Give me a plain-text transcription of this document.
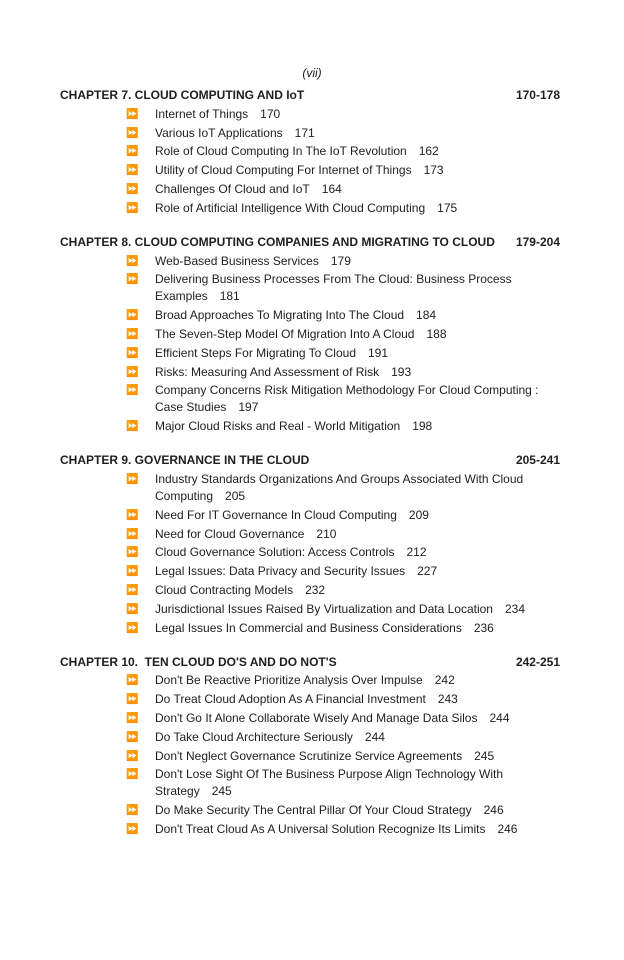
(vii)
CHAPTER 7. CLOUD COMPUTING AND IoT	170-178
⏩ Internet of Things 170
⏩ Various IoT Applications 171
⏩ Role of Cloud Computing In The IoT Revolution 162
⏩ Utility of Cloud Computing For Internet of Things 173
⏩ Challenges Of Cloud and IoT 164
⏩ Role of Artificial Intelligence With Cloud Computing 175
CHAPTER 8. CLOUD COMPUTING COMPANIES AND MIGRATING TO CLOUD 179-204
⏩ Web-Based Business Services 179
⏩ Delivering Business Processes From The Cloud: Business Process Examples 181
⏩ Broad Approaches To Migrating Into The Cloud 184
⏩ The Seven-Step Model Of Migration Into A Cloud 188
⏩ Efficient Steps For Migrating To Cloud 191
⏩ Risks: Measuring And Assessment of Risk 193
⏩ Company Concerns Risk Mitigation Methodology For Cloud Computing : Case Studies 197
⏩ Major Cloud Risks and Real - World Mitigation 198
CHAPTER 9. GOVERNANCE IN THE CLOUD	205-241
⏩ Industry Standards Organizations And Groups Associated With Cloud Computing 205
⏩ Need For IT Governance In Cloud Computing 209
⏩ Need for Cloud Governance 210
⏩ Cloud Governance Solution: Access Controls 212
⏩ Legal Issues: Data Privacy and Security Issues 227
⏩ Cloud Contracting Models 232
⏩ Jurisdictional Issues Raised By Virtualization and Data Location 234
⏩ Legal Issues In Commercial and Business Considerations 236
CHAPTER 10.  TEN CLOUD DO'S AND DO NOT'S	242-251
⏩ Don't Be Reactive Prioritize Analysis Over Impulse 242
⏩ Do Treat Cloud Adoption As A Financial Investment 243
⏩ Don't Go It Alone Collaborate Wisely And Manage Data Silos 244
⏩ Do Take Cloud Architecture Seriously 244
⏩ Don't Neglect Governance Scrutinize Service Agreements 245
⏩ Don't Lose Sight Of The Business Purpose Align Technology With Strategy 245
⏩ Do Make Security The Central Pillar Of Your Cloud Strategy 246
⏩ Don't Treat Cloud As A Universal Solution Recognize Its Limits 246
